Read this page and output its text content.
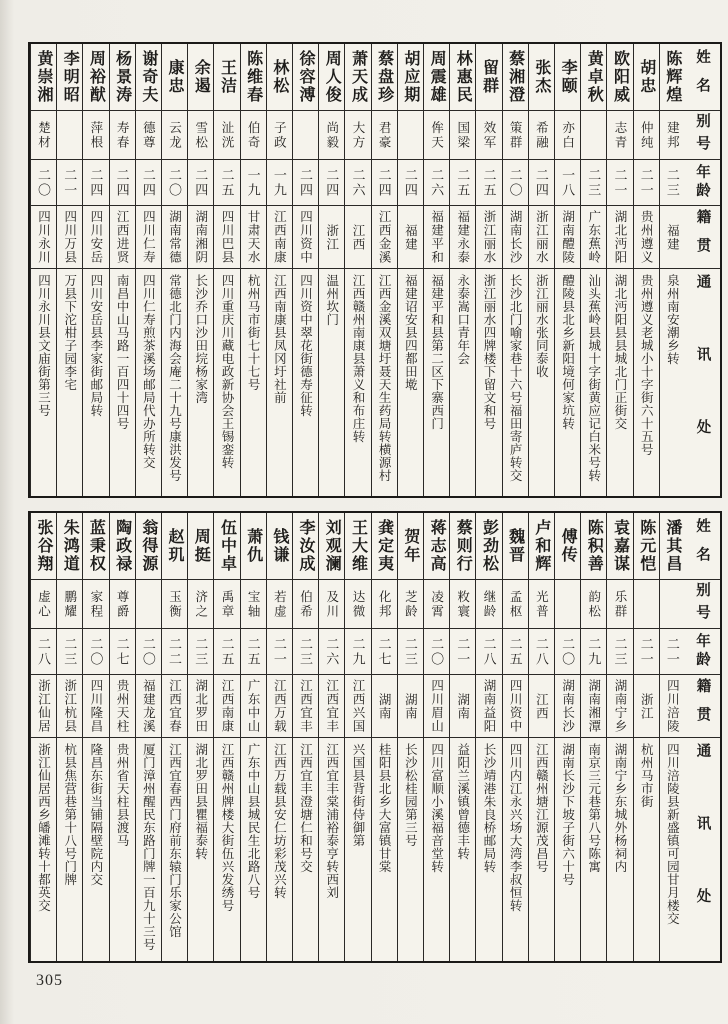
姓名
别号
年龄
籍贯
通讯处
陈辉煌
建邦
二三
福建
泉州南安潮乡转
胡忠
仲纯
二一
贵州遵义
贵州遵义老城小十字街六十五号
欧阳威
志青
二一
湖北沔阳
湖北沔阳县县城北门正街交
黄卓秋
二三
广东蕉岭
汕头蕉岭县城十字街黄应记白米号转
李颐
亦白
一八
湖南醴陵
醴陵县北乡新阳境何家坑转
张杰
希融
二四
浙江丽水
浙江丽水张同泰收
蔡湘澄
策群
二〇
湖南长沙
长沙北门喻家巷十六号福田寄庐转交
留群
效军
二五
浙江丽水
浙江丽水四牌楼下留文和号
林惠民
国梁
二五
福建永泰
永泰嵩口青年会
周震雄
侔天
二六
福建平和
福建平和县第二区下寨西门
胡应期
二四
福建
福建诏安县四都田墘
蔡盘珍
君豪
二四
江西金溪
江西金溪双塘圩聂天生药局转横源村
萧天成
大方
二六
江西
江西赣州南康县萧义和布庄转
周人俊
尚毅
二四
浙江
温州坎门
徐容溥
二四
四川资中
四川资中翠花街德寿征转
林松
子政
一九
江西南康
江西南康县凤冈圩社前
陈维春
伯奇
一九
甘肃天水
杭州马市街七十七号
王洁
沚洸
二五
四川巴县
四川重庆川藏电政新协会王锡銮转
余遏
雪松
二四
湖南湘阴
长沙乔口沙田垸杨家湾
康忠
云龙
二〇
湖南常德
常德北门内海会庵二十九号康洪发号
谢奇夫
德尊
二四
四川仁寿
四川仁寿煎茶溪场邮局代办所转交
杨景涛
寿春
二四
江西进贤
南昌中山马路一百四十四号
周裕猷
萍根
二四
四川安岳
四川安岳县李家街邮局转
李明昭
二一
四川万县
万县下沱柑子园李宅
黄崇湘
楚材
二〇
四川永川
四川永川县文庙街第三号
姓名
别号
年龄
籍贯
通讯处
潘其昌
二一
四川涪陵
四川涪陵县新盛镇可园甘月楼交
陈元恺
二一
浙江
杭州马市街
袁嘉谋
乐群
二三
湖南宁乡
湖南宁乡东城外杨祠内
陈积善
韵松
二九
湖南湘潭
南京三元巷第八号陈寓
傅传
二〇
湖南长沙
湖南长沙下坡子街六十号
卢和辉
光普
二八
江西
江西赣州塘江源茂昌号
魏晋
孟枢
二五
四川资中
四川内江永兴场大湾李叔恒转
彭劲松
继龄
二八
湖南益阳
长沙靖港朱良桥邮局转
蔡则行
敉寰
二一
湖南
益阳兰溪镇曾德丰转
蒋志高
凌霄
二〇
四川眉山
四川富顺小溪福音堂转
贺年
芝龄
二三
湖南
长沙松桂园第三号
龚定夷
化邦
二七
湖南
桂阳县北乡大富镇甘棠
王大维
达微
二九
江西兴国
兴国县背街侍御第
刘观澜
及川
二六
江西宜丰
江西宜丰棠浦裕泰亨转西刘
李汝成
伯希
二三
江西宜丰
江西宜丰澄塘仁和号交
钱谦
若虚
二一
江西万载
江西万载县安仁坊彩茂兴转
萧仇
宝轴
二五
广东中山
广东中山县城民生北路八号
伍中卓
禹章
二五
江西南康
江西赣州牌楼大街伍兴发绣号
周挺
济之
二三
湖北罗田
湖北罗田县瞿福泰转
赵玑
玉衡
二二
江西宜春
江西宜春西门府前东辕门乐家公馆
翁得源
二〇
福建龙溪
厦门漳州醒民东路门牌一百九十三号
陶政禄
尊爵
二七
贵州天柱
贵州省天柱县渡马
蓝秉权
家程
二〇
四川隆昌
隆昌东街当铺隔壁院内交
朱鸿道
鹏耀
二三
浙江杭县
杭县焦营巷第十八号门牌
张谷翔
虚心
二八
浙江仙居
浙江仙居西乡皤滩转十都英交
305
